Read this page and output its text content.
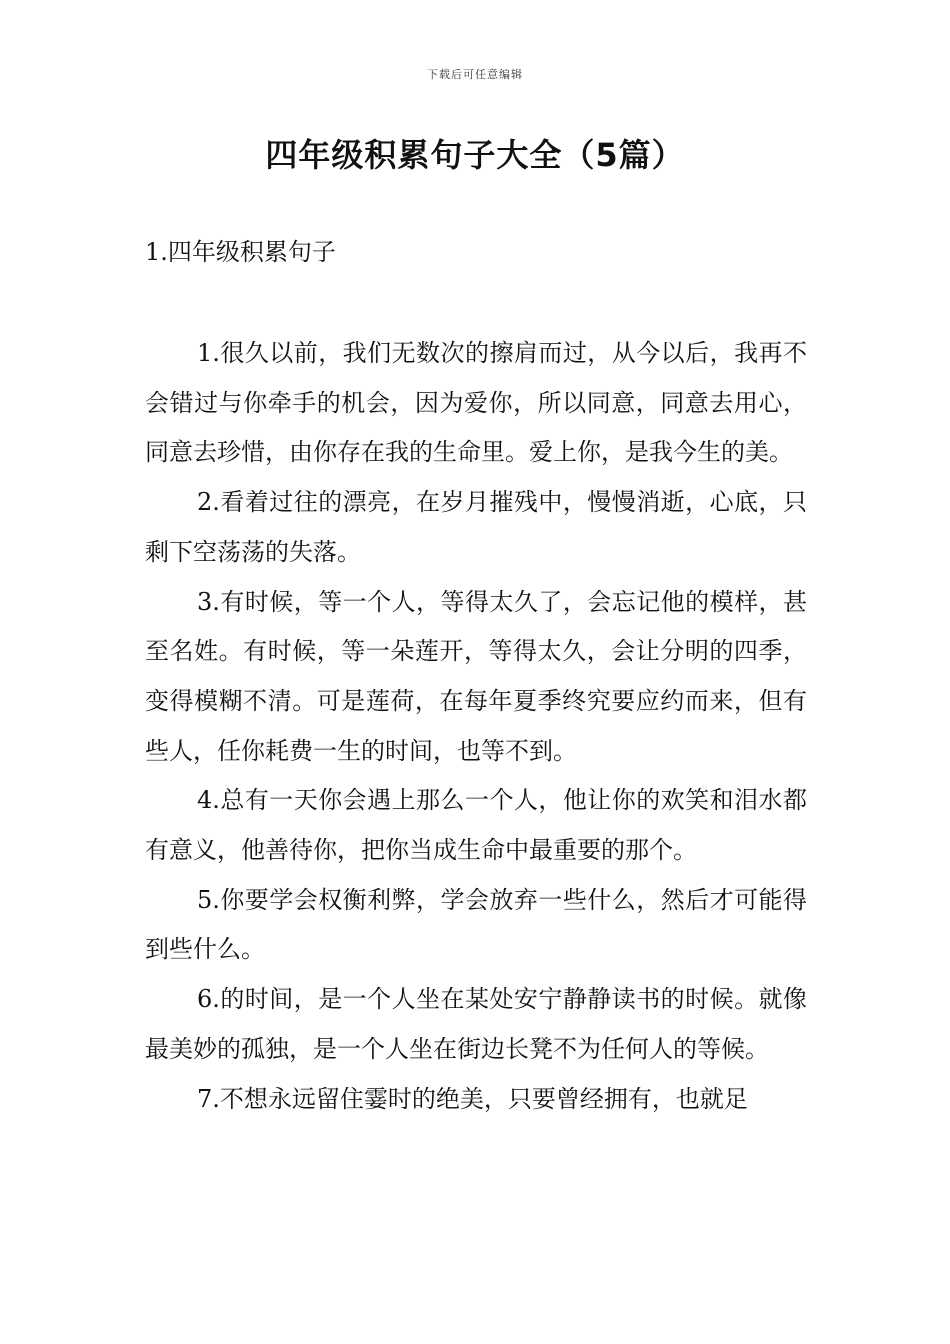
下载后可任意编辑
四年级积累句子大全（5篇）
1.四年级积累句子

1.很久以前，我们无数次的擦肩而过，从今以后，我再不会错过与你牵手的机会，因为爱你，所以同意，同意去用心，同意去珍惜，由你存在我的生命里。爱上你，是我今生的美。

2.看着过往的漂亮，在岁月摧残中，慢慢消逝，心底，只剩下空荡荡的失落。

3.有时候，等一个人，等得太久了，会忘记他的模样，甚至名姓。有时候，等一朵莲开，等得太久，会让分明的四季，变得模糊不清。可是莲荷，在每年夏季终究要应约而来，但有些人，任你耗费一生的时间，也等不到。

4.总有一天你会遇上那么一个人，他让你的欢笑和泪水都有意义，他善待你，把你当成生命中最重要的那个。

5.你要学会权衡利弊，学会放弃一些什么，然后才可能得到些什么。

6.的时间，是一个人坐在某处安宁静静读书的时候。就像最美妙的孤独，是一个人坐在街边长凳不为任何人的等候。

7.不想永远留住霎时的绝美，只要曾经拥有，也就足
